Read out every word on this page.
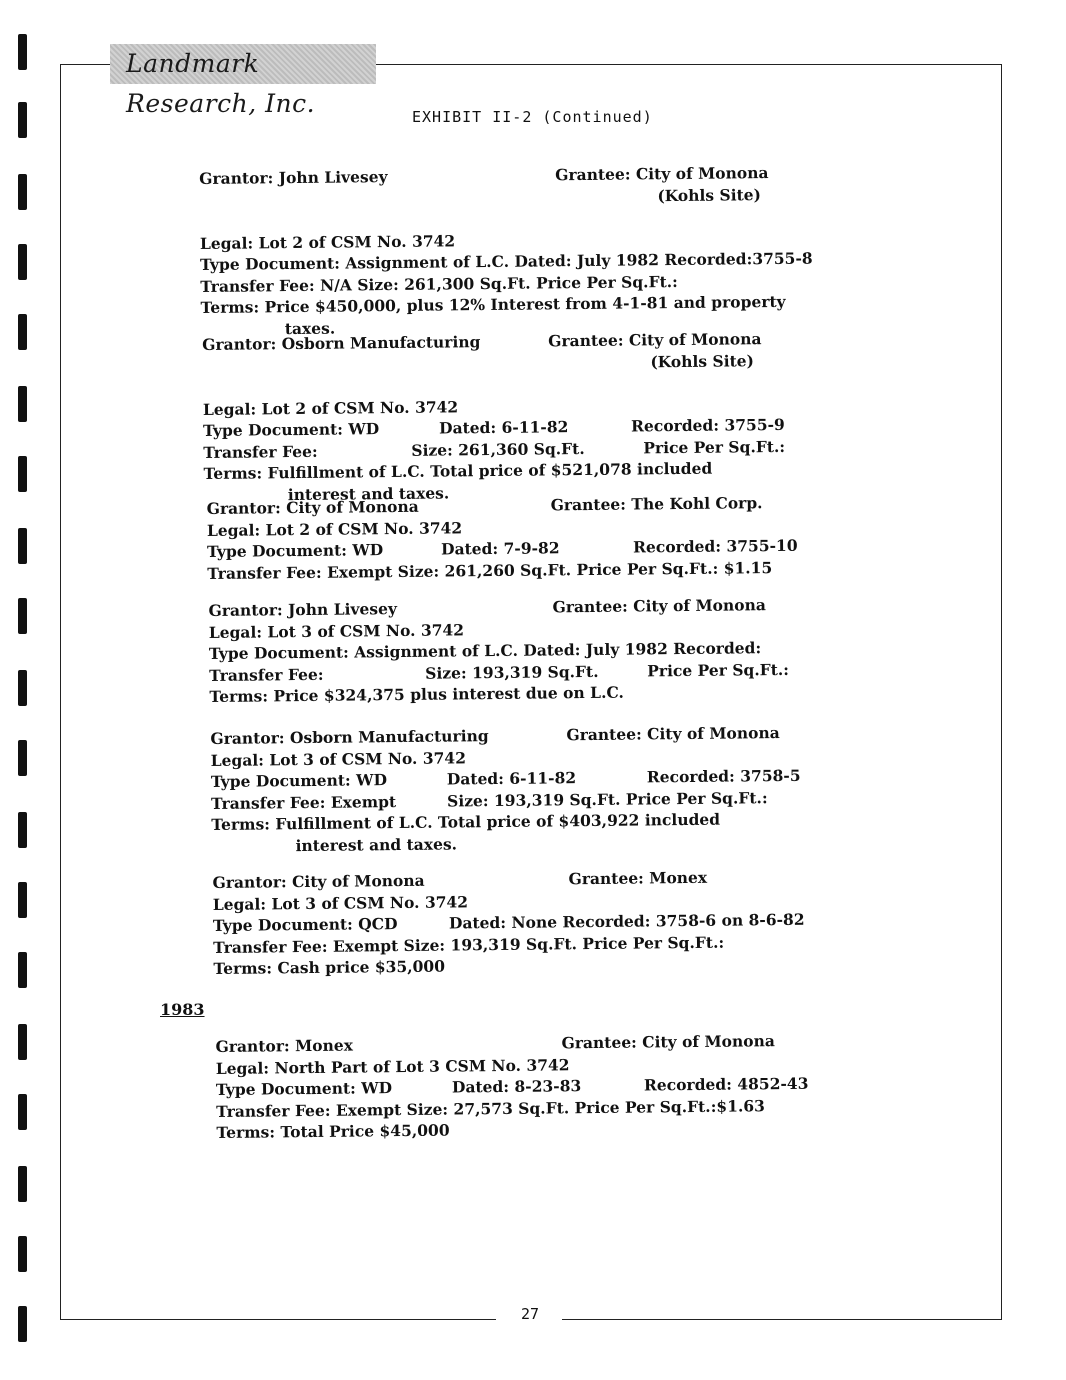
Landmark Research, Inc.	EXHIBIT II-2 (Continued)
Grantor: John Livesey	Grantee: City of Monona
(Kohls Site)
Legal: Lot 2 of CSM No. 3742
Type Document: Assignment of L.C. Dated: July 1982 Recorded:3755-8
Transfer Fee: N/A Size: 261,300 Sq.Ft. Price Per Sq.Ft.:
Terms: Price $450,000, plus 12% Interest from 4-1-81 and property
taxes.
Grantor: Osborn Manufacturing	Grantee: City of Monona
(Kohls Site)
Legal: Lot 2 of CSM No. 3742
Type Document: WD	Dated: 6-11-82	Recorded: 3755-9
Transfer Fee:	Size: 261,360 Sq.Ft.	Price Per Sq.Ft.:
Terms: Fulfillment of L.C. Total price of $521,078 included
interest and taxes.
Grantor: City of Monona	Grantee: The Kohl Corp.
Legal: Lot 2 of CSM No. 3742
Type Document: WD	Dated: 7-9-82	Recorded: 3755-10
Transfer Fee: Exempt Size: 261,260 Sq.Ft. Price Per Sq.Ft.: $1.15
Grantor: John Livesey	Grantee: City of Monona
Legal: Lot 3 of CSM No. 3742
Type Document: Assignment of L.C. Dated: July 1982 Recorded:
Transfer Fee:	Size: 193,319 Sq.Ft.	Price Per Sq.Ft.:
Terms: Price $324,375 plus interest due on L.C.
Grantor: Osborn Manufacturing	Grantee: City of Monona
Legal: Lot 3 of CSM No. 3742
Type Document: WD	Dated: 6-11-82	Recorded: 3758-5
Transfer Fee: Exempt	Size: 193,319 Sq.Ft. Price Per Sq.Ft.:
Terms: Fulfillment of L.C. Total price of $403,922 included
interest and taxes.
Grantor: City of Monona	Grantee: Monex
Legal: Lot 3 of CSM No. 3742
Type Document: QCD	Dated: None Recorded: 3758-6 on 8-6-82
Transfer Fee: Exempt Size: 193,319 Sq.Ft. Price Per Sq.Ft.:
Terms: Cash price $35,000
Grantor: Monex	Grantee: City of Monona
Legal: North Part of Lot 3 CSM No. 3742
Type Document: WD	Dated: 8-23-83	Recorded: 4852-43
Transfer Fee: Exempt Size: 27,573 Sq.Ft. Price Per Sq.Ft.:$1.63
Terms: Total Price $45,000
1983
27
